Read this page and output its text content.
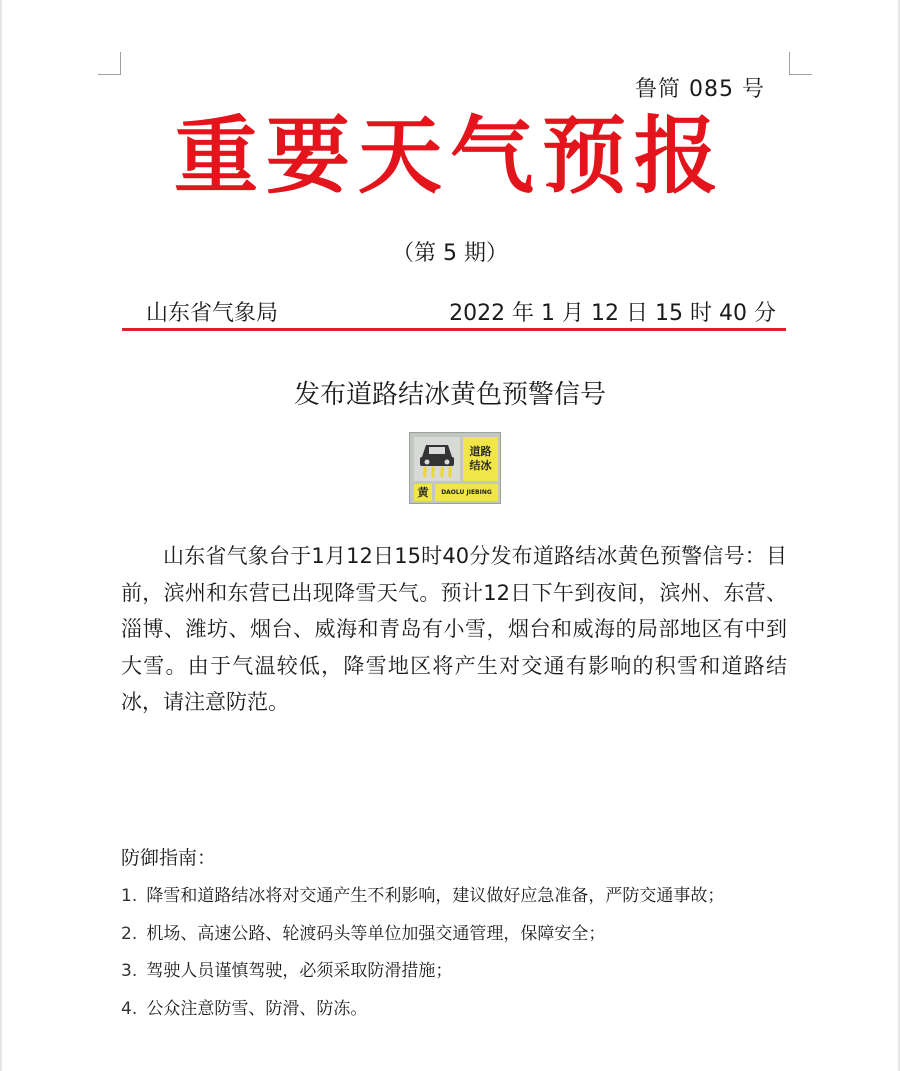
鲁简 085 号
重要天气预报
（第 5 期）
山东省气象局	2022 年 1 月 12 日 15 时 40 分
发布道路结冰黄色预警信号
道路
结冰
黄	DAOLU JIEBING
山东省气象台于1月12日15时40分发布道路结冰黄色预警信号：目前，滨州和东营已出现降雪天气。预计12日下午到夜间，滨州、东营、淄博、潍坊、烟台、威海和青岛有小雪，烟台和威海的局部地区有中到大雪。由于气温较低，降雪地区将产生对交通有影响的积雪和道路结冰，请注意防范。
防御指南：
1. 降雪和道路结冰将对交通产生不利影响，建议做好应急准备，严防交通事故；
2. 机场、高速公路、轮渡码头等单位加强交通管理，保障安全；
3. 驾驶人员谨慎驾驶，必须采取防滑措施；
4. 公众注意防雪、防滑、防冻。
